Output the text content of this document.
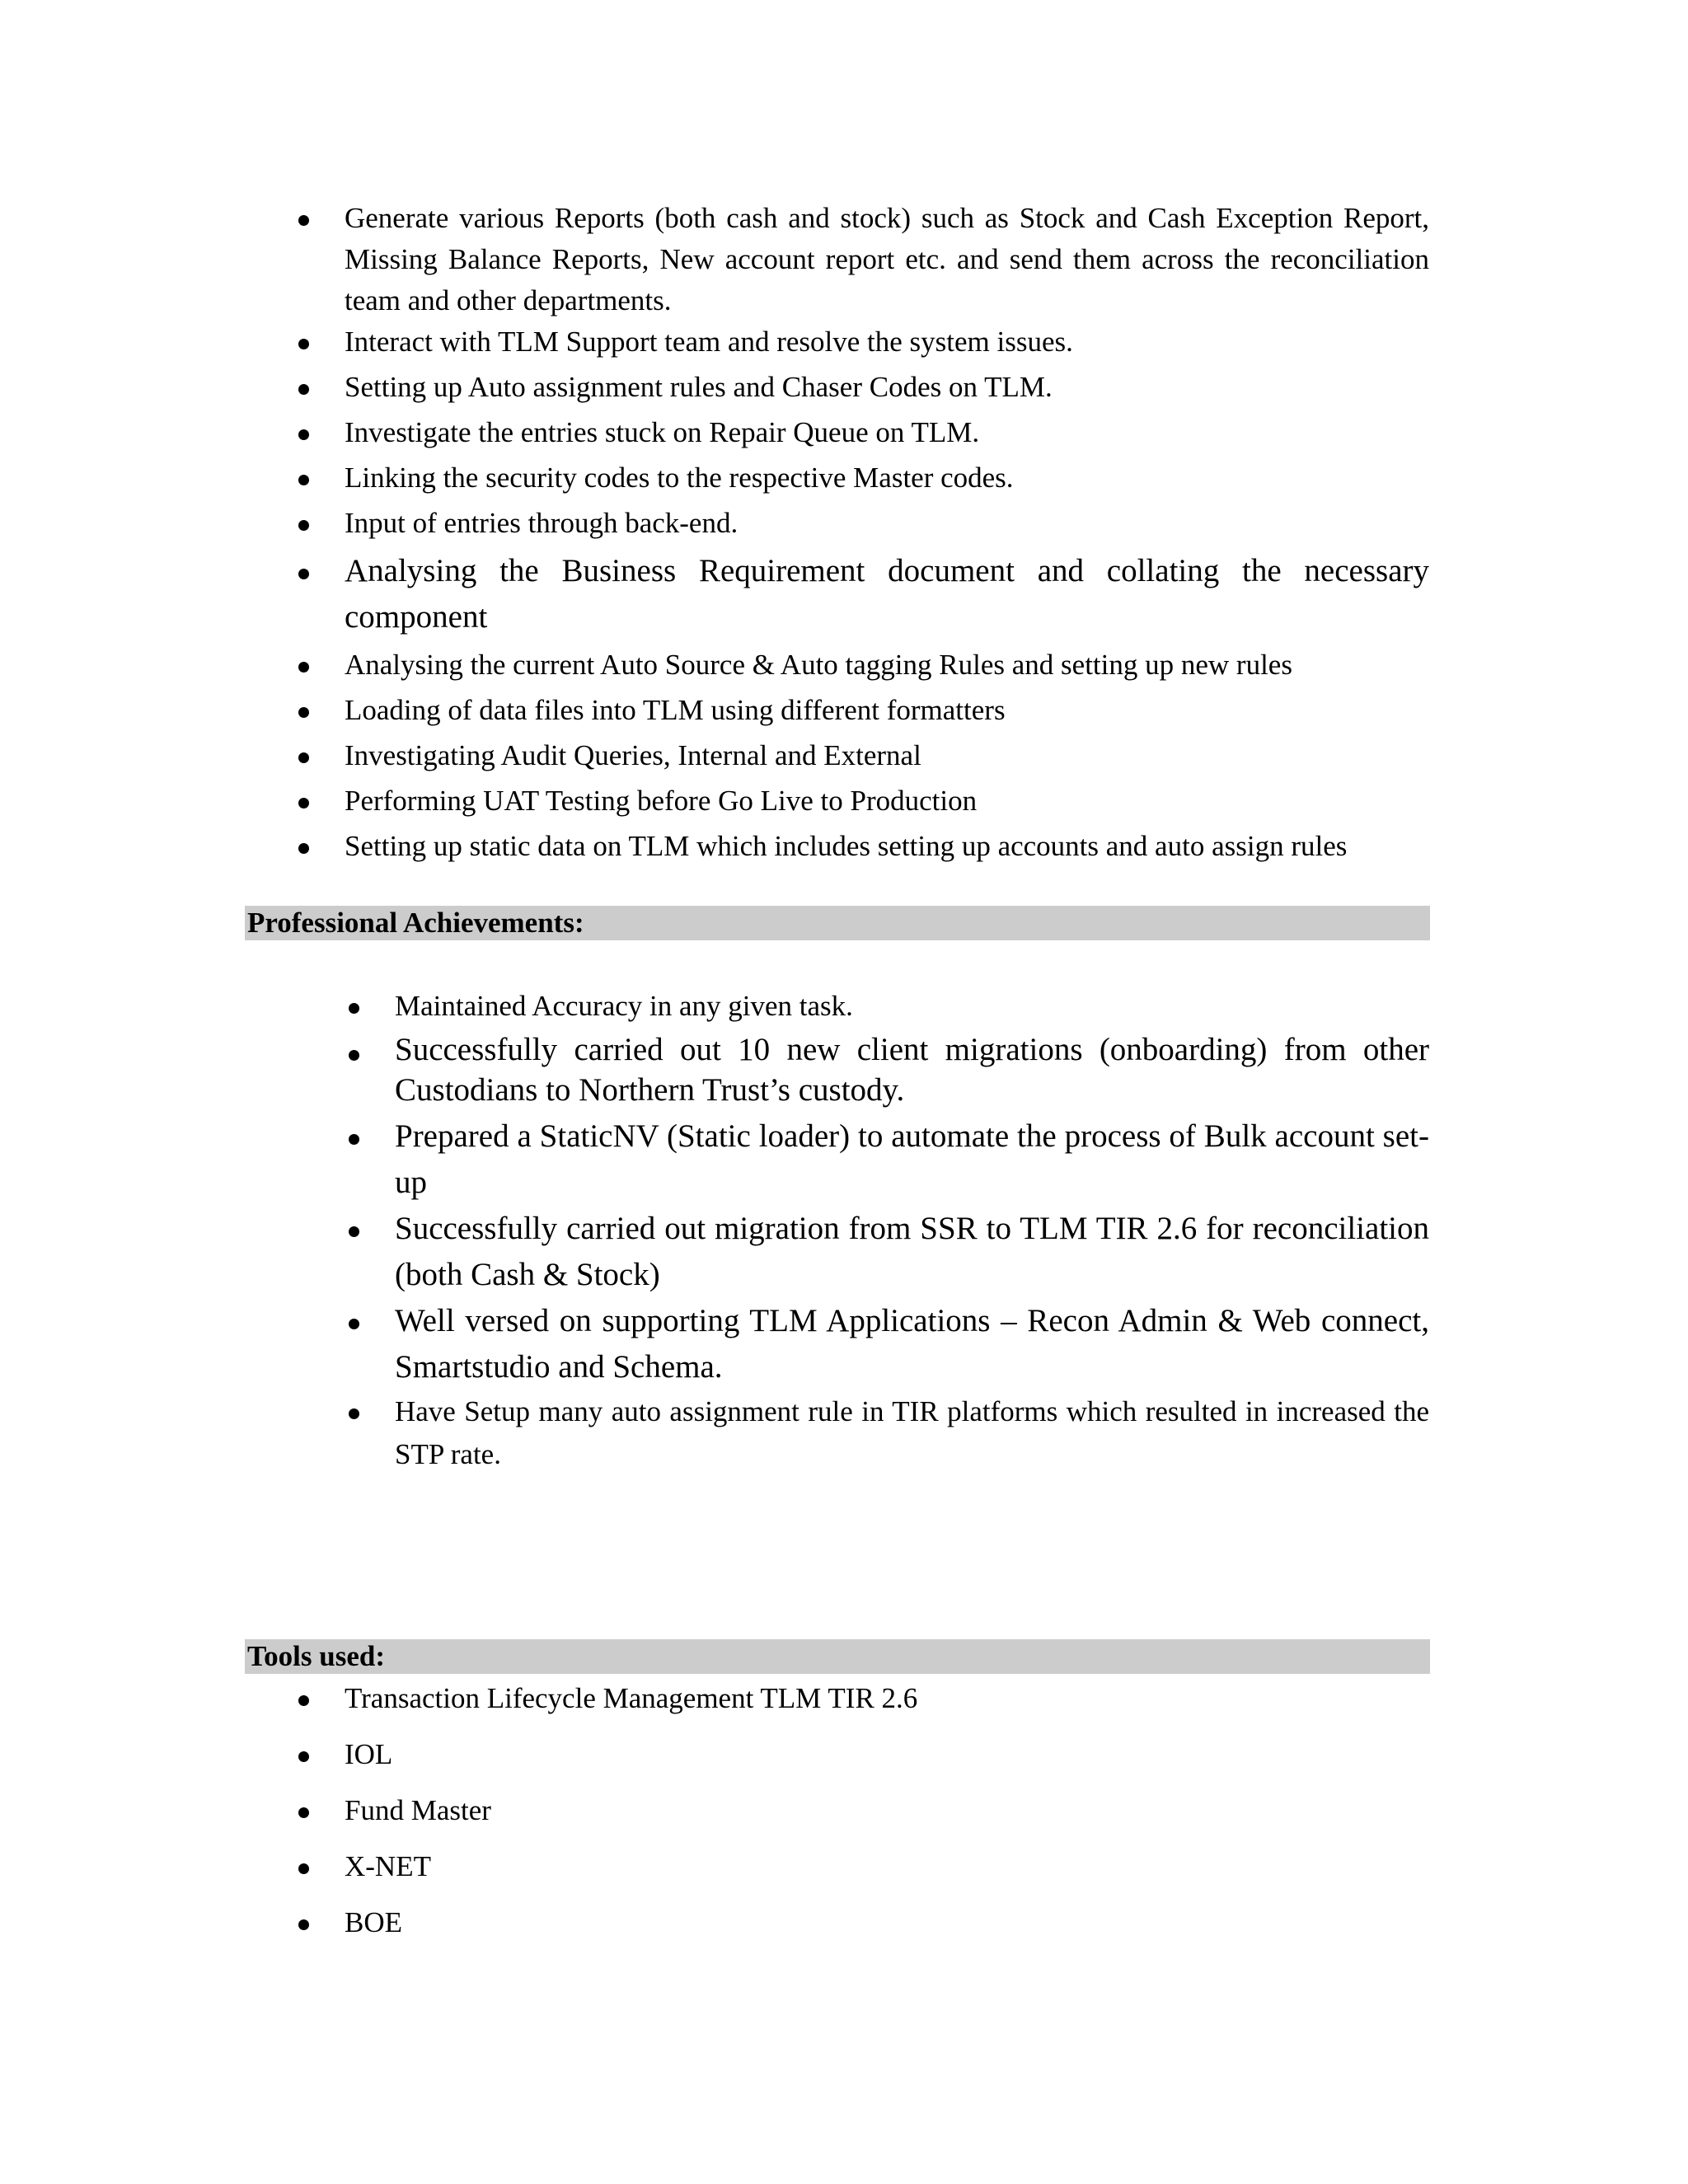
Generate various Reports (both cash and stock) such as Stock and Cash Exception Report, Missing Balance Reports, New account report etc. and send them across the reconciliation team and other departments.
Interact with TLM Support team and resolve the system issues.
Setting up Auto assignment rules and Chaser Codes on TLM.
Investigate the entries stuck on Repair Queue on TLM.
Linking the security codes to the respective Master codes.
Input of entries through back-end.
Analysing the Business Requirement document and collating the necessary component
Analysing the current Auto Source & Auto tagging Rules and setting up new rules
Loading of data files into TLM using different formatters
Investigating Audit Queries, Internal and External
Performing UAT Testing before Go Live to Production
Setting up static data on TLM which includes setting up accounts and auto assign rules
Professional Achievements:
Maintained Accuracy in any given task.
Successfully carried out 10 new client migrations (onboarding) from other Custodians to Northern Trust’s custody.
Prepared a StaticNV (Static loader) to automate the process of Bulk account set-up
Successfully carried out migration from SSR to TLM TIR 2.6 for reconciliation (both Cash & Stock)
Well versed on supporting TLM Applications – Recon Admin & Web connect, Smartstudio and Schema.
Have Setup many auto assignment rule in TIR platforms which resulted in increased the STP rate.
Tools used:
Transaction Lifecycle Management TLM TIR 2.6
IOL
Fund Master
X-NET
BOE
